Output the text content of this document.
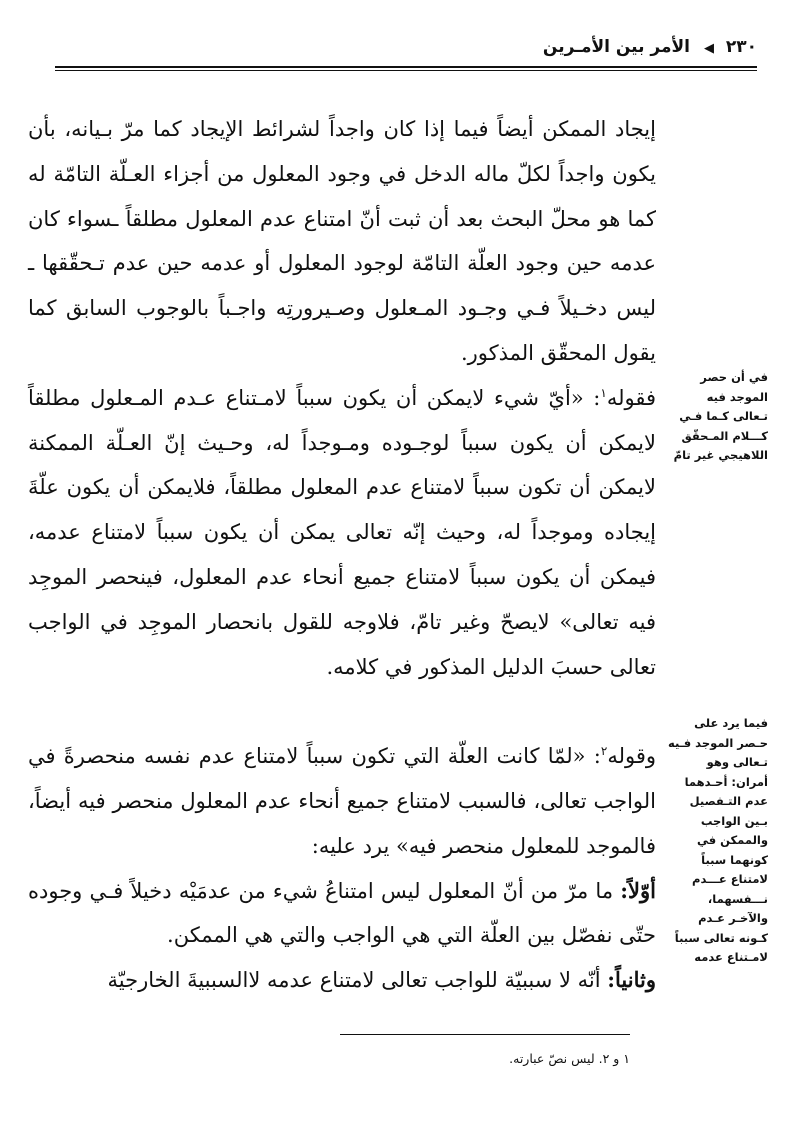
٢٣٠ ◀ الأمر بين الأمـرين

إيجاد الممكن أيضاً فيما إذا كان واجداً لشرائط الإيجاد كما مرّ بـيانه، بأن يكون واجداً لكلّ ماله الدخل في وجود المعلول من أجزاء العـلّة التامّة له كما هو محلّ البحث بعد أن ثبت أنّ امتناع عدم المعلول مطلقاً ـسواء كان عدمه حين وجود العلّة التامّة لوجود المعلول أو عدمه حين عدم تـحقّقها ـ ليس دخـيلاً فـي وجـود المـعلول وصـيرورتِه واجـباً بالوجوب السابق كما يقول المحقّق المذكور.

فقوله$^١$: «أيّ شيء لايمكن أن يكون سبباً لامـتناع عـدم المـعلول مطلقاً لايمكن أن يكون سبباً لوجـوده ومـوجداً له، وحـيث إنّ العـلّة الممكنة لايمكن أن تكون سبباً لامتناع عدم المعلول مطلقاً، فلايمكن أن يكون علّةَ إيجاده وموجداً له، وحيث إنّه تعالى يمكن أن يكون سبباً لامتناع عدمه، فيمكن أن يكون سبباً لامتناع جميع أنحاء عدم المعلول، فينحصر الموجِد فيه تعالى» لايصحّ وغير تامّ، فلاوجه للقول بانحصار الموجِد في الواجب تعالى حسبَ الدليل المذكور في كلامه.

وقوله$^٢$: «لمّا كانت العلّة التي تكون سبباً لامتناع عدم نفسه منحصرةً في الواجب تعالى، فالسبب لامتناع جميع أنحاء عدم المعلول منحصر فيه أيضاً، فالموجد للمعلول منحصر فيه» يرد عليه:

أوّلاً: ما مرّ من أنّ المعلول ليس امتناعُ شيء من عدمَيْه دخيلاً فـي وجوده حتّى نفصّل بين العلّة التي هي الواجب والتي هي الممكن.

وثانياً: أنّه لا سببيّة للواجب تعالى لامتناع عدمه لاالسببيةَ الخارجيّة

في أن حصر الموجد فيه تـعالى كـما فـي كـــلام المـحقّق اللاهيجي غير تامّ
فيما يرد على حـصر الموجد فـيه تـعالى وهو أمران: أحـدهما عدم التـفصيل بـين الواجب والممكن في كونهما سبباً لامتناع عـــدم نـــفسهما، والآخـر عـدم كـونه تعالى سبباً لامـتناع عدمه
١ و ٢. ليس نصّ عبارته.
